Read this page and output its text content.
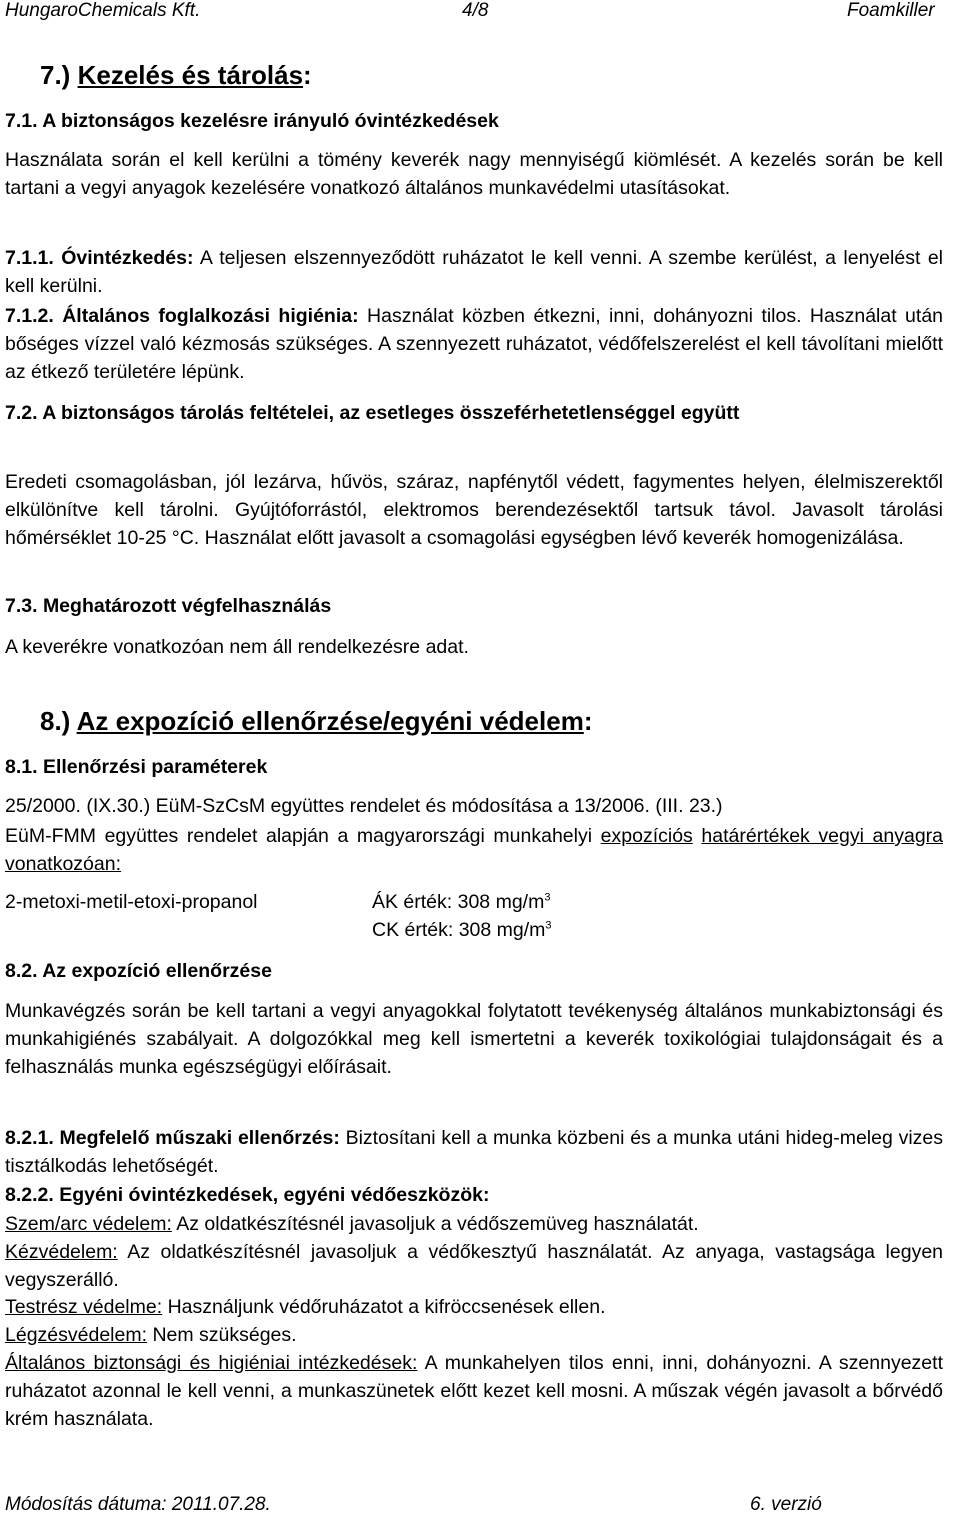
HungaroChemicals Kft.	4/8	Foamkiller
7.) Kezelés és tárolás:
7.1. A biztonságos kezelésre irányuló óvintézkedések
Használata során el kell kerülni a tömény keverék nagy mennyiségű kiömlését. A kezelés során be kell tartani a vegyi anyagok kezelésére vonatkozó általános munkavédelmi utasításokat.
7.1.1. Óvintézkedés: A teljesen elszennyeződött ruházatot le kell venni. A szembe kerülést, a lenyelést el kell kerülni.
7.1.2. Általános foglalkozási higiénia: Használat közben étkezni, inni, dohányozni tilos. Használat után bőséges vízzel való kézmosás szükséges. A szennyezett ruházatot, védőfelszerelést el kell távolítani mielőtt az étkező területére lépünk.
7.2. A biztonságos tárolás feltételei, az esetleges összeférhetetlenséggel együtt
Eredeti csomagolásban, jól lezárva, hűvös, száraz, napfénytől védett, fagymentes helyen, élelmiszerektől elkülönítve kell tárolni. Gyújtóforrástól, elektromos berendezésektől tartsuk távol. Javasolt tárolási hőmérséklet 10-25 °C. Használat előtt javasolt a csomagolási egységben lévő keverék homogenizálása.
7.3. Meghatározott végfelhasználás
A keverékre vonatkozóan nem áll rendelkezésre adat.
8.) Az expozíció ellenőrzése/egyéni védelem:
8.1. Ellenőrzési paraméterek
25/2000. (IX.30.) EüM-SzCsM együttes rendelet és módosítása a 13/2006. (III. 23.)
EüM-FMM együttes rendelet alapján a magyarországi munkahelyi expozíciós határértékek vegyi anyagra vonatkozóan:
2-metoxi-metil-etoxi-propanol	ÁK érték: 308 $mg/m^3$
CK érték: 308 $mg/m^3$
8.2. Az expozíció ellenőrzése
Munkavégzés során be kell tartani a vegyi anyagokkal folytatott tevékenység általános munkabiztonsági és munkahigiénés szabályait. A dolgozókkal meg kell ismertetni a keverék toxikológiai tulajdonságait és a felhasználás munka egészségügyi előírásait.
8.2.1. Megfelelő műszaki ellenőrzés: Biztosítani kell a munka közbeni és a munka utáni hideg-meleg vizes tisztálkodás lehetőségét.
8.2.2. Egyéni óvintézkedések, egyéni védőeszközök:
Szem/arc védelem: Az oldatkészítésnél javasoljuk a védőszemüveg használatát.
Kézvédelem: Az oldatkészítésnél javasoljuk a védőkesztyű használatát. Az anyaga, vastagsága legyen vegyszerálló.
Testrész védelme: Használjunk védőruházatot a kifröccsenések ellen.
Légzésvédelem: Nem szükséges.
Általános biztonsági és higiéniai intézkedések: A munkahelyen tilos enni, inni, dohányozni. A szennyezett ruházatot azonnal le kell venni, a munkaszünetek előtt kezet kell mosni. A műszak végén javasolt a bőrvédő krém használata.
Módosítás dátuma: 2011.07.28.	6. verzió
